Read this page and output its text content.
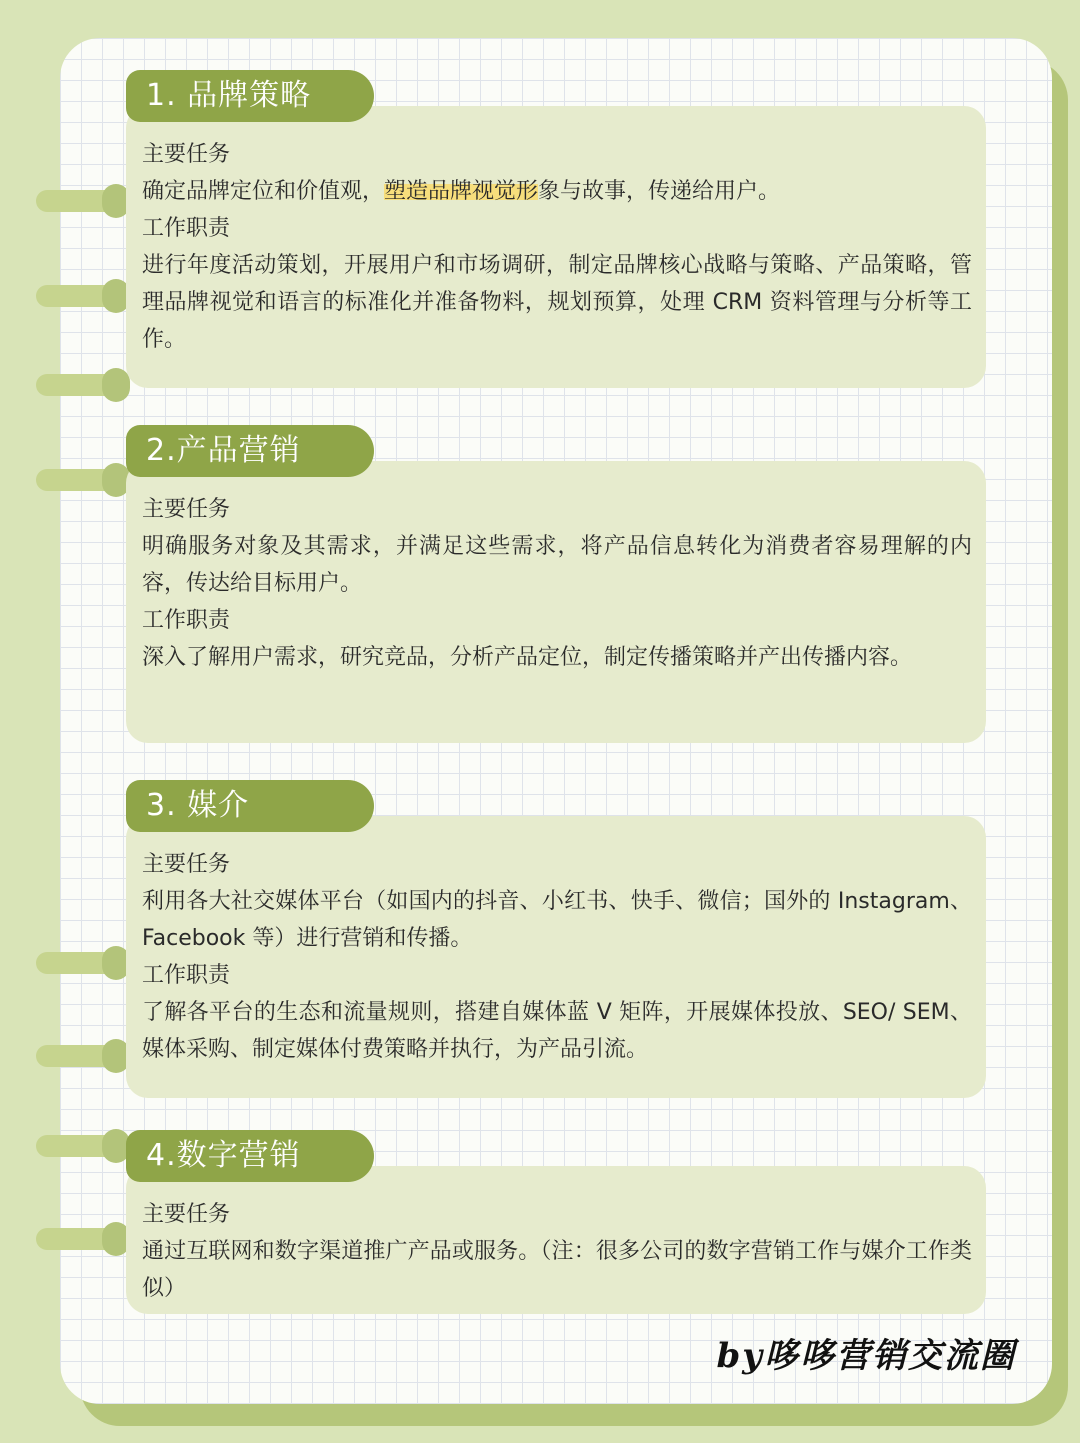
1. 品牌策略
主要任务

确定品牌定位和价值观，塑造品牌视觉形象与故事，传递给用户。

工作职责

进行年度活动策划，开展用户和市场调研，制定品牌核心战略与策略、产品策略，管理品牌视觉和语言的标准化并准备物料，规划预算，处理 CRM 资料管理与分析等工作。

2.产品营销
主要任务

明确服务对象及其需求，并满足这些需求，将产品信息转化为消费者容易理解的内容，传达给目标用户。

工作职责

深入了解用户需求，研究竞品，分析产品定位，制定传播策略并产出传播内容。

3. 媒介
主要任务

利用各大社交媒体平台（如国内的抖音、小红书、快手、微信；国外的 Instagram、Facebook 等）进行营销和传播。

工作职责

了解各平台的生态和流量规则，搭建自媒体蓝 V 矩阵，开展媒体投放、SEO/ SEM、媒体采购、制定媒体付费策略并执行，为产品引流。

4.数字营销
主要任务

通过互联网和数字渠道推广产品或服务。（注：很多公司的数字营销工作与媒介工作类似）

by哆哆营销交流圈
